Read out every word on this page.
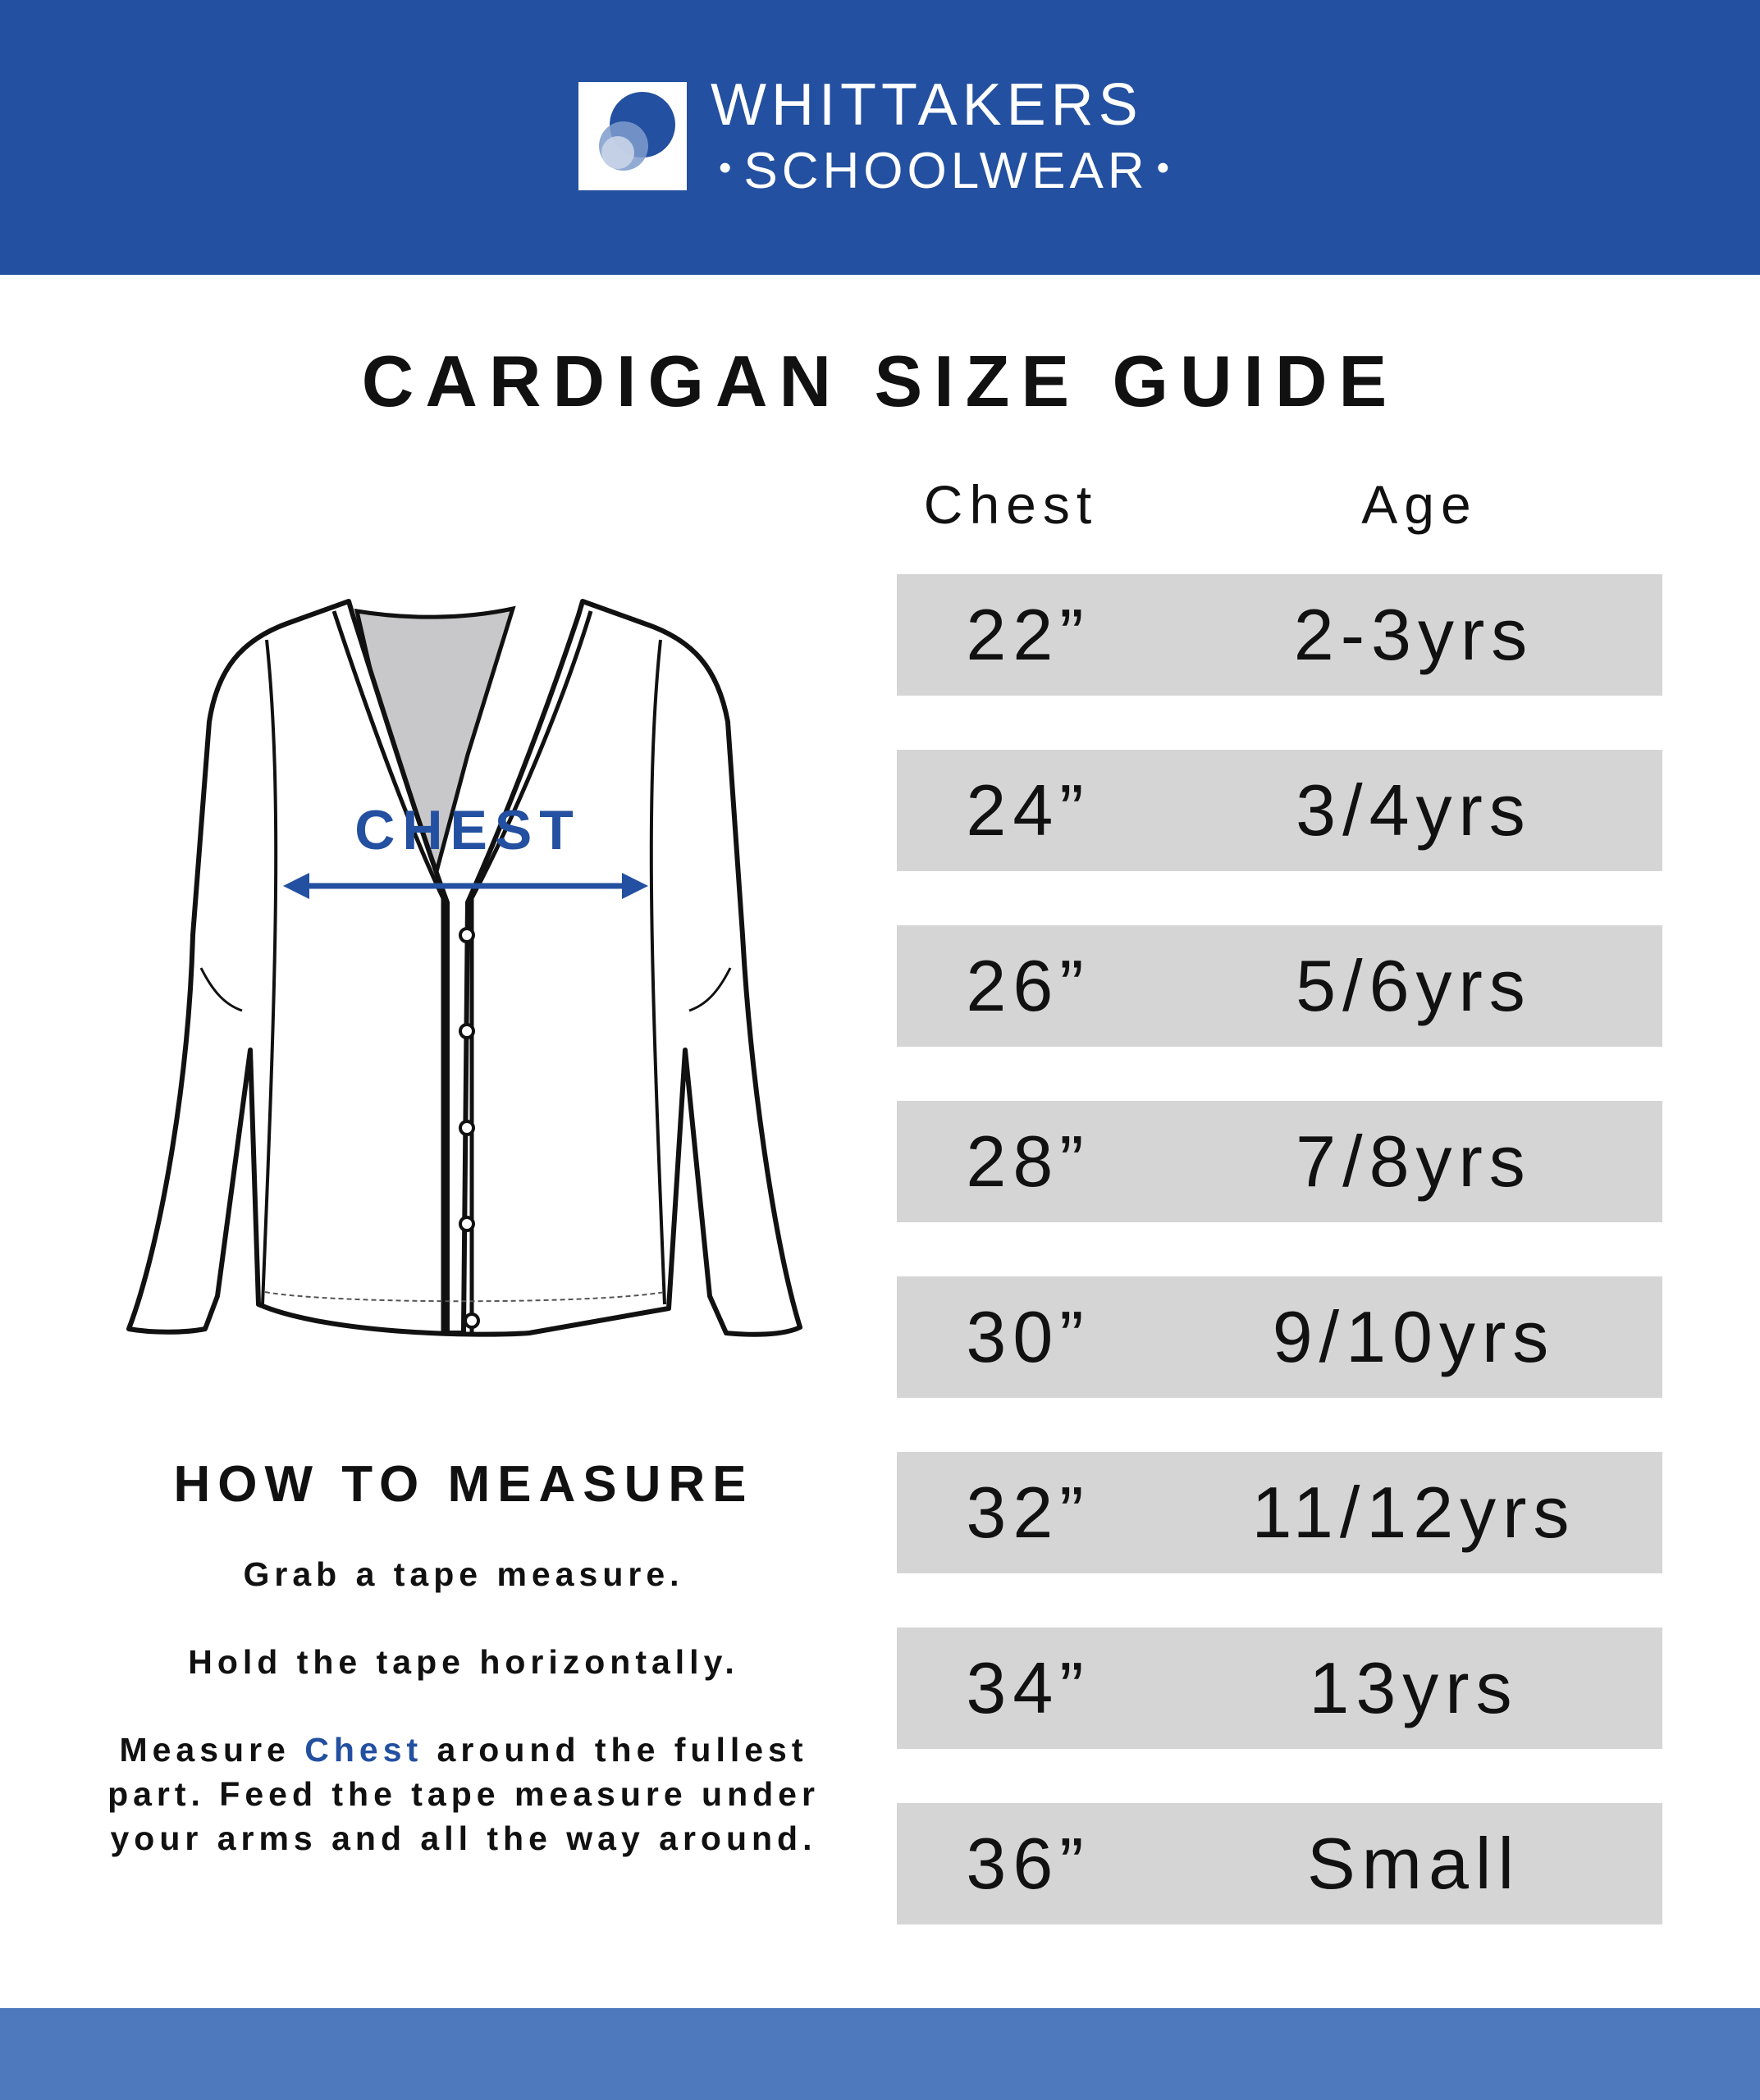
WHITTAKERS
• SCHOOLWEAR •
CARDIGAN SIZE GUIDE
CHEST
Chest	Age
22”	2-3yrs
24”	3/4yrs
26”	5/6yrs
28”	7/8yrs
30”	9/10yrs
32”	11/12yrs
34”	13yrs
36”	Small
HOW TO MEASURE
Grab a tape measure.
Hold the tape horizontally.
Measure Chest around the fullest part. Feed the tape measure under your arms and all the way around.
